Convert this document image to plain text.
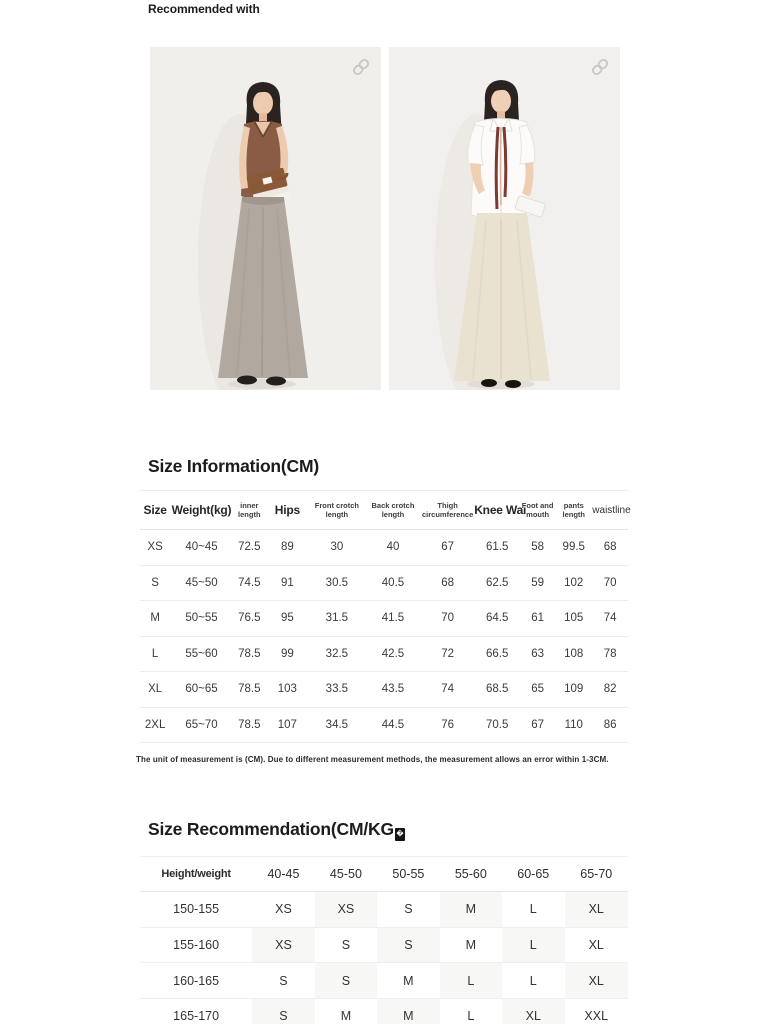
Recommended with
Size Information(CM)
Size	Weight(kg)	inner length	Hips	Front crotch length	Back crotch length	Thigh circumference	Knee Wai	Foot and mouth	pants length	waistline
XS	40~45	72.5	89	30	40	67	61.5	58	99.5	68
S	45~50	74.5	91	30.5	40.5	68	62.5	59	102	70
M	50~55	76.5	95	31.5	41.5	70	64.5	61	105	74
L	55~60	78.5	99	32.5	42.5	72	66.5	63	108	78
XL	60~65	78.5	103	33.5	43.5	74	68.5	65	109	82
2XL	65~70	78.5	107	34.5	44.5	76	70.5	67	110	86

The unit of measurement is (CM). Due to different measurement methods, the measurement allows an error within 1-3CM.

Size Recommendation(CM/KG �
Height/weight	40-45	45-50	50-55	55-60	60-65	65-70
150-155	XS	XS	S	M	L	XL
155-160	XS	S	S	M	L	XL
160-165	S	S	M	L	L	XL
165-170	S	M	M	L	XL	XXL
